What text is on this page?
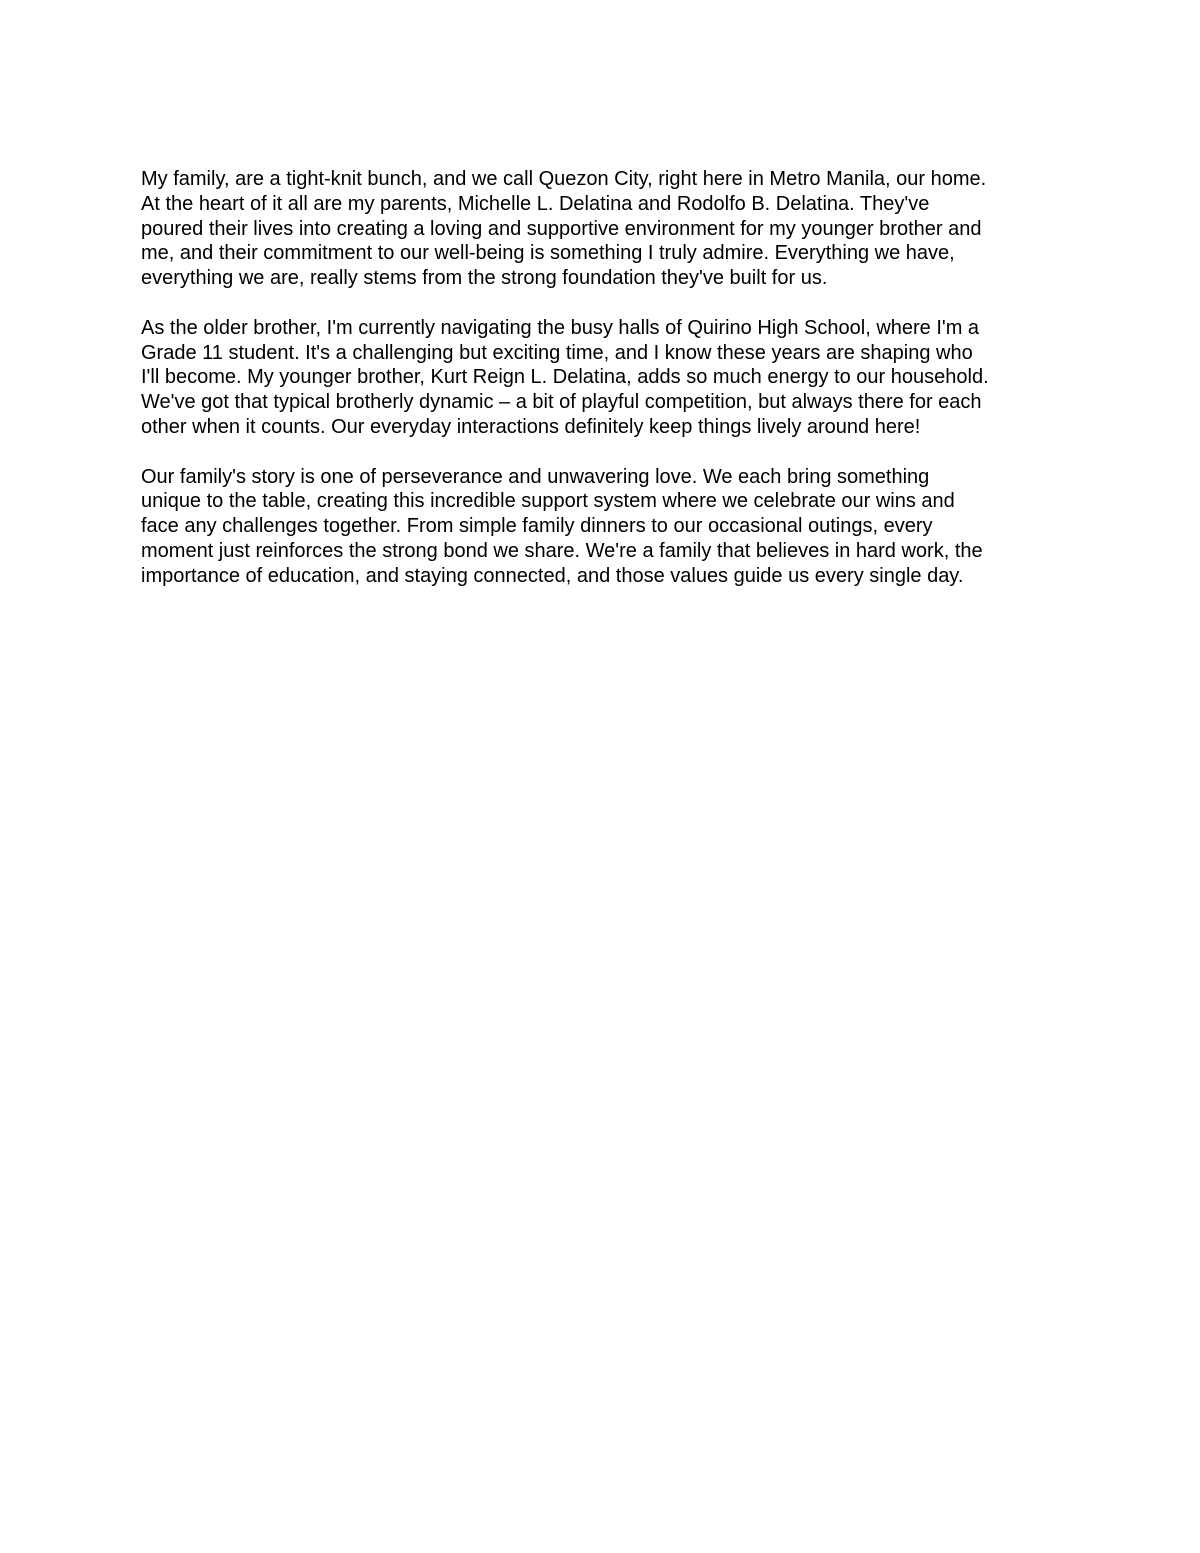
My family, are a tight-knit bunch, and we call Quezon City, right here in Metro Manila, our home.
At the heart of it all are my parents, Michelle L. Delatina and Rodolfo B. Delatina. They've
poured their lives into creating a loving and supportive environment for my younger brother and
me, and their commitment to our well-being is something I truly admire. Everything we have,
everything we are, really stems from the strong foundation they've built for us.
As the older brother, I'm currently navigating the busy halls of Quirino High School, where I'm a
Grade 11 student. It's a challenging but exciting time, and I know these years are shaping who
I'll become. My younger brother, Kurt Reign L. Delatina, adds so much energy to our household.
We've got that typical brotherly dynamic – a bit of playful competition, but always there for each
other when it counts. Our everyday interactions definitely keep things lively around here!
Our family's story is one of perseverance and unwavering love. We each bring something
unique to the table, creating this incredible support system where we celebrate our wins and
face any challenges together. From simple family dinners to our occasional outings, every
moment just reinforces the strong bond we share. We're a family that believes in hard work, the
importance of education, and staying connected, and those values guide us every single day.
